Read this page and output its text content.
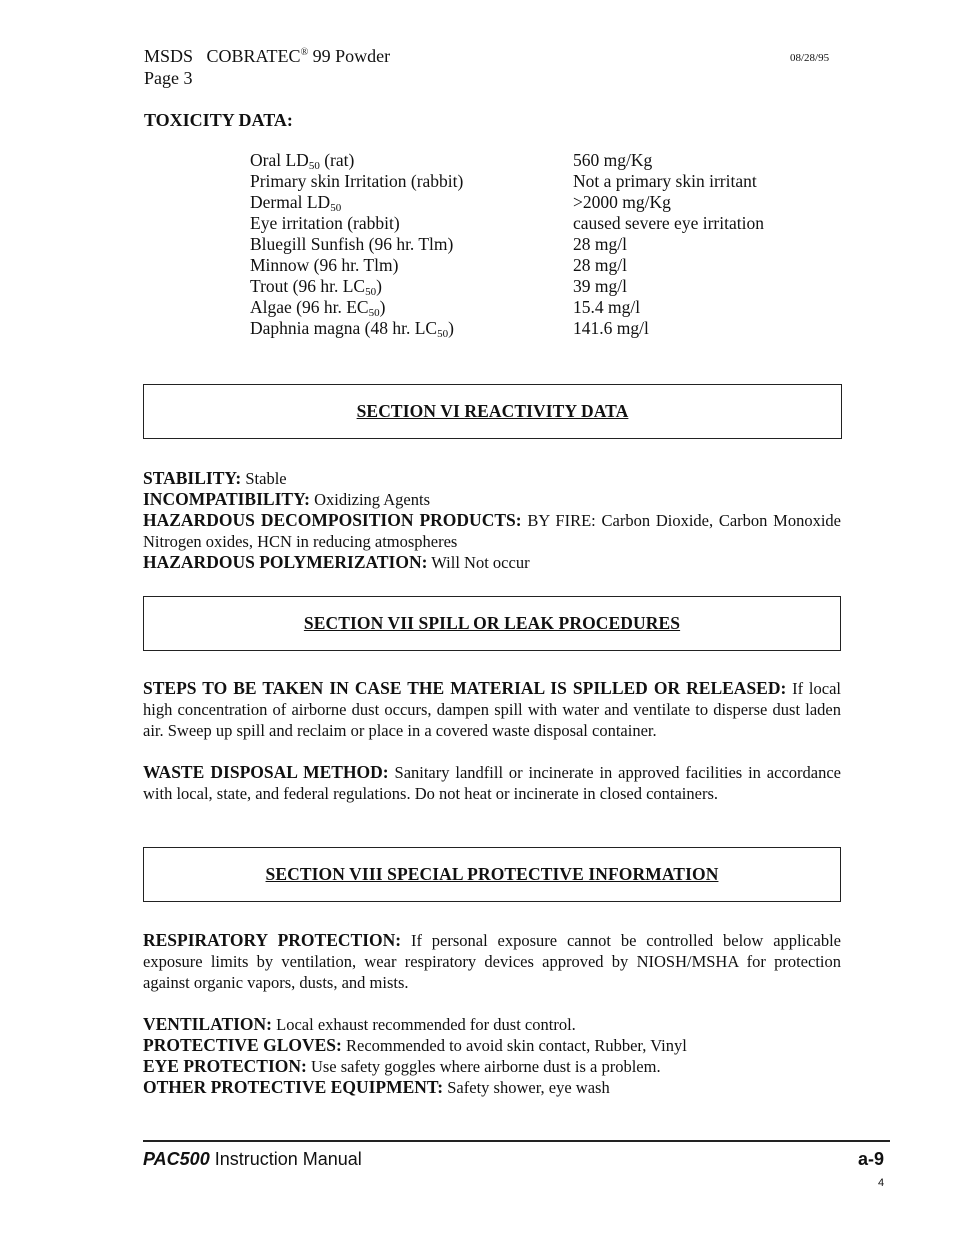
MSDS COBRATEC® 99 Powder
Page 3
08/28/95
TOXICITY DATA:
Oral $LD_{50}$ (rat)	560 mg/Kg
Primary skin Irritation (rabbit)	Not a primary skin irritant
Dermal $LD_{50}$	>2000 mg/Kg
Eye irritation (rabbit)	caused severe eye irritation
Bluegill Sunfish (96 hr. Tlm)	28 mg/l
Minnow (96 hr. Tlm)	28 mg/l
Trout (96 hr. $LC_{50}$)	39 mg/l
Algae (96 hr. $EC_{50}$)	15.4 mg/l
Daphnia magna (48 hr. $LC_{50}$)	141.6 mg/l
SECTION VI REACTIVITY DATA
STABILITY: Stable
INCOMPATIBILITY: Oxidizing Agents
HAZARDOUS DECOMPOSITION PRODUCTS: BY FIRE: Carbon Dioxide, Carbon Monoxide Nitrogen oxides, HCN in reducing atmospheres
HAZARDOUS POLYMERIZATION: Will Not occur
SECTION VII SPILL OR LEAK PROCEDURES
STEPS TO BE TAKEN IN CASE THE MATERIAL IS SPILLED OR RELEASED: If local high concentration of airborne dust occurs, dampen spill with water and ventilate to disperse dust laden air. Sweep up spill and reclaim or place in a covered waste disposal container.
WASTE DISPOSAL METHOD: Sanitary landfill or incinerate in approved facilities in accordance with local, state, and federal regulations. Do not heat or incinerate in closed containers.
SECTION VIII SPECIAL PROTECTIVE INFORMATION
RESPIRATORY PROTECTION: If personal exposure cannot be controlled below applicable exposure limits by ventilation, wear respiratory devices approved by NIOSH/MSHA for protection against organic vapors, dusts, and mists.
VENTILATION: Local exhaust recommended for dust control.
PROTECTIVE GLOVES: Recommended to avoid skin contact, Rubber, Vinyl
EYE PROTECTION: Use safety goggles where airborne dust is a problem.
OTHER PROTECTIVE EQUIPMENT: Safety shower, eye wash
PAC500 Instruction Manual	a-9
4
